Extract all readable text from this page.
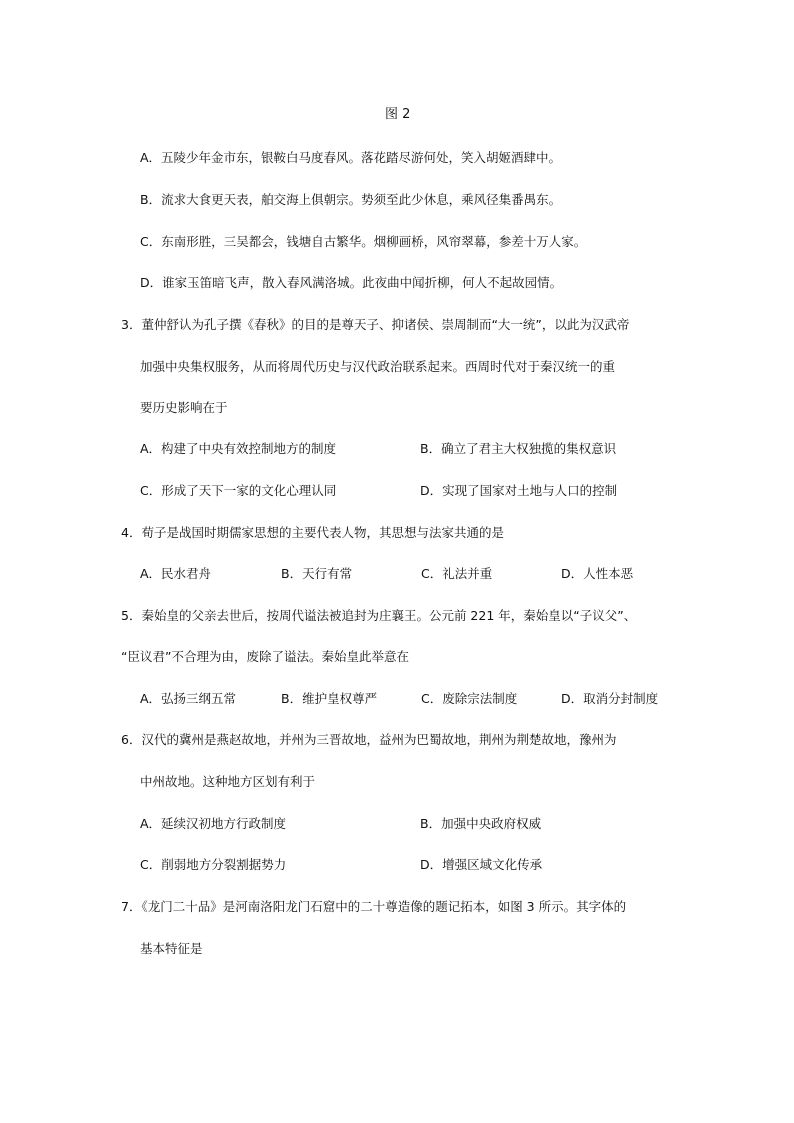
图 2
A．五陵少年金市东，银鞍白马度春风。落花踏尽游何处，笑入胡姬酒肆中。
B．流求大食更天表，舶交海上俱朝宗。势须至此少休息，乘风径集番禺东。
C．东南形胜，三吴都会，钱塘自古繁华。烟柳画桥，风帘翠幕，参差十万人家。
D．谁家玉笛暗飞声，散入春风满洛城。此夜曲中闻折柳，何人不起故园情。
3．董仲舒认为孔子撰《春秋》的目的是尊天子、抑诸侯、崇周制而“大一统”，以此为汉武帝
加强中央集权服务，从而将周代历史与汉代政治联系起来。西周时代对于秦汉统一的重
要历史影响在于
A．构建了中央有效控制地方的制度	B．确立了君主大权独揽的集权意识
C．形成了天下一家的文化心理认同	D．实现了国家对土地与人口的控制
4．荀子是战国时期儒家思想的主要代表人物，其思想与法家共通的是
A．民水君舟	B．天行有常	C．礼法并重	D．人性本恶
5．秦始皇的父亲去世后，按周代谥法被追封为庄襄王。公元前 221 年，秦始皇以“子议父”、
“臣议君”不合理为由，废除了谥法。秦始皇此举意在
A．弘扬三纲五常	B．维护皇权尊严	C．废除宗法制度	D．取消分封制度
6．汉代的冀州是燕赵故地，并州为三晋故地，益州为巴蜀故地，荆州为荆楚故地，豫州为
中州故地。这种地方区划有利于
A．延续汉初地方行政制度	B．加强中央政府权威
C．削弱地方分裂割据势力	D．增强区域文化传承
7．《龙门二十品》是河南洛阳龙门石窟中的二十尊造像的题记拓本，如图 3 所示。其字体的
基本特征是
